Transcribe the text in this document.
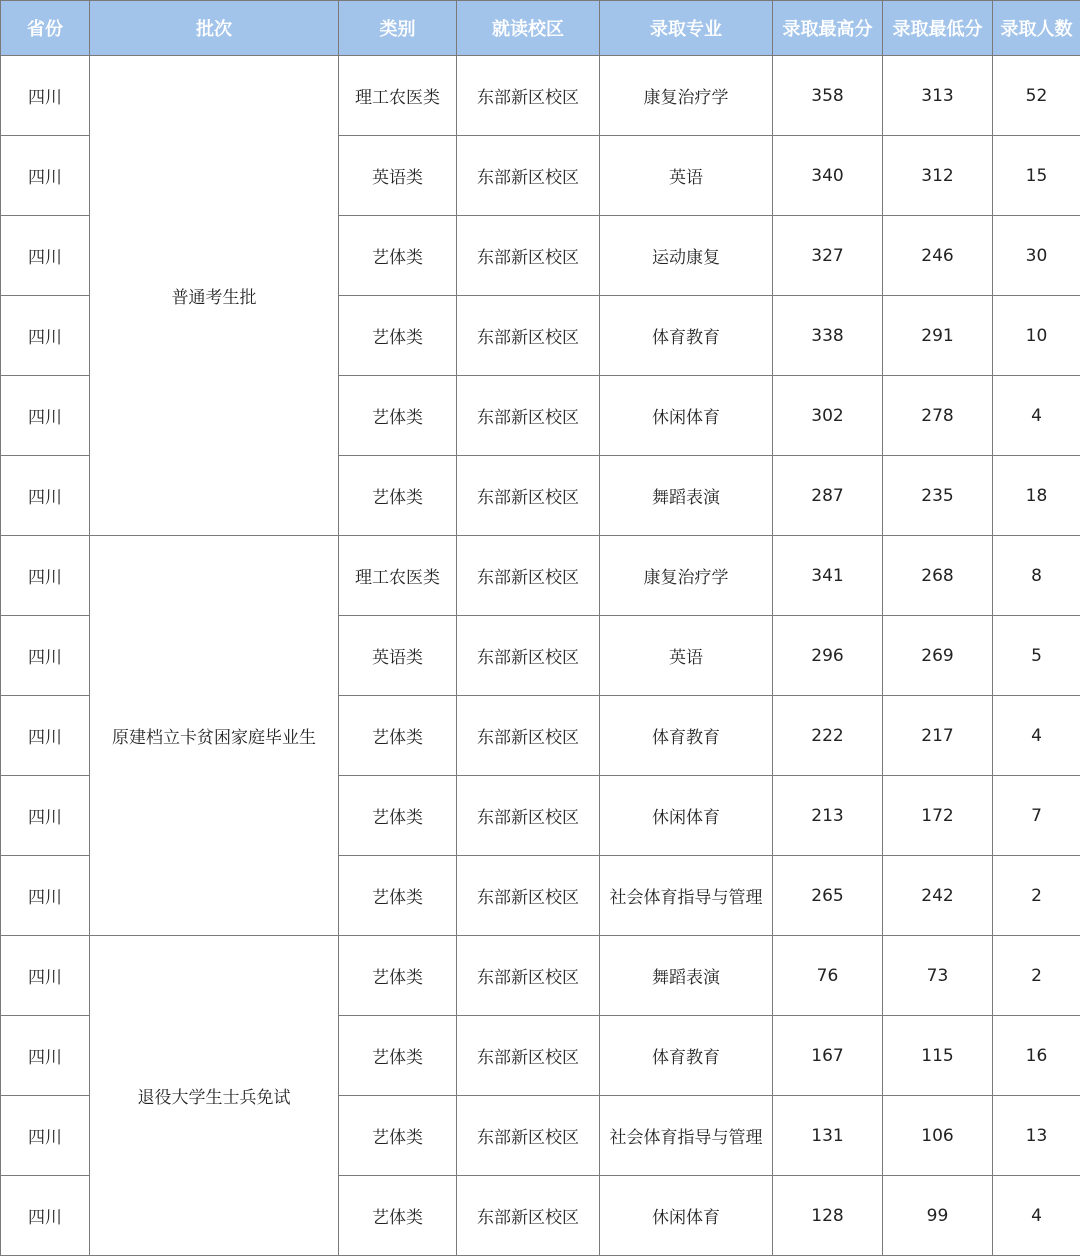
省份	批次	类别	就读校区	录取专业	录取最高分	录取最低分	录取人数
四川	普通考生批	理工农医类	东部新区校区	康复治疗学	358	313	52
四川		英语类	东部新区校区	英语	340	312	15
四川		艺体类	东部新区校区	运动康复	327	246	30
四川		艺体类	东部新区校区	体育教育	338	291	10
四川		艺体类	东部新区校区	休闲体育	302	278	4
四川		艺体类	东部新区校区	舞蹈表演	287	235	18
四川	原建档立卡贫困家庭毕业生	理工农医类	东部新区校区	康复治疗学	341	268	8
四川		英语类	东部新区校区	英语	296	269	5
四川		艺体类	东部新区校区	体育教育	222	217	4
四川		艺体类	东部新区校区	休闲体育	213	172	7
四川		艺体类	东部新区校区	社会体育指导与管理	265	242	2
四川	退役大学生士兵免试	艺体类	东部新区校区	舞蹈表演	76	73	2
四川		艺体类	东部新区校区	体育教育	167	115	16
四川		艺体类	东部新区校区	社会体育指导与管理	131	106	13
四川		艺体类	东部新区校区	休闲体育	128	99	4
